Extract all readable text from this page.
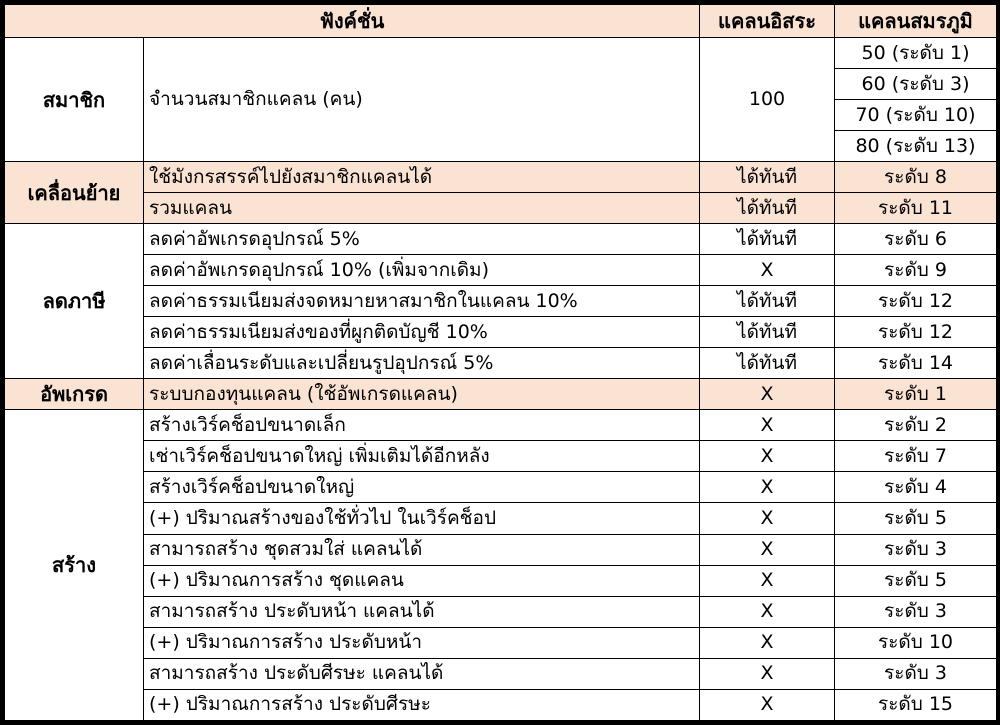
ฟังค์ชั่น		แคลนอิสระ	แคลนสมรภูมิ
สมาชิก	จำนวนสมาชิกแคลน (คน)	100	50 (ระดับ 1)
			60 (ระดับ 3)
			70 (ระดับ 10)
			80 (ระดับ 13)
เคลื่อนย้าย	ใช้มังกรสรรค์ไปยังสมาชิกแคลนได้	ได้ทันที	ระดับ 8
	รวมแคลน	ได้ทันที	ระดับ 11
ลดภาษี	ลดค่าอัพเกรดอุปกรณ์ 5%	ได้ทันที	ระดับ 6
	ลดค่าอัพเกรดอุปกรณ์ 10% (เพิ่มจากเดิม)	X	ระดับ 9
	ลดค่าธรรมเนียมส่งจดหมายหาสมาชิกในแคลน 10%	ได้ทันที	ระดับ 12
	ลดค่าธรรมเนียมส่งของที่ผูกติดบัญชี 10%	ได้ทันที	ระดับ 12
	ลดค่าเลื่อนระดับและเปลี่ยนรูปอุปกรณ์ 5%	ได้ทันที	ระดับ 14
อัพเกรด	ระบบกองทุนแคลน (ใช้อัพเกรดแคลน)	X	ระดับ 1
สร้าง	สร้างเวิร์คช็อปขนาดเล็ก	X	ระดับ 2
	เช่าเวิร์คช็อปขนาดใหญ่ เพิ่มเติมได้อีกหลัง	X	ระดับ 7
	สร้างเวิร์คช็อปขนาดใหญ่	X	ระดับ 4
	(+) ปริมาณสร้างของใช้ทั่วไป ในเวิร์คช็อป	X	ระดับ 5
	สามารถสร้าง ชุดสวมใส่ แคลนได้	X	ระดับ 3
	(+) ปริมาณการสร้าง ชุดแคลน	X	ระดับ 5
	สามารถสร้าง ประดับหน้า แคลนได้	X	ระดับ 3
	(+) ปริมาณการสร้าง ประดับหน้า	X	ระดับ 10
	สามารถสร้าง ประดับศีรษะ แคลนได้	X	ระดับ 3
	(+) ปริมาณการสร้าง ประดับศีรษะ	X	ระดับ 15
